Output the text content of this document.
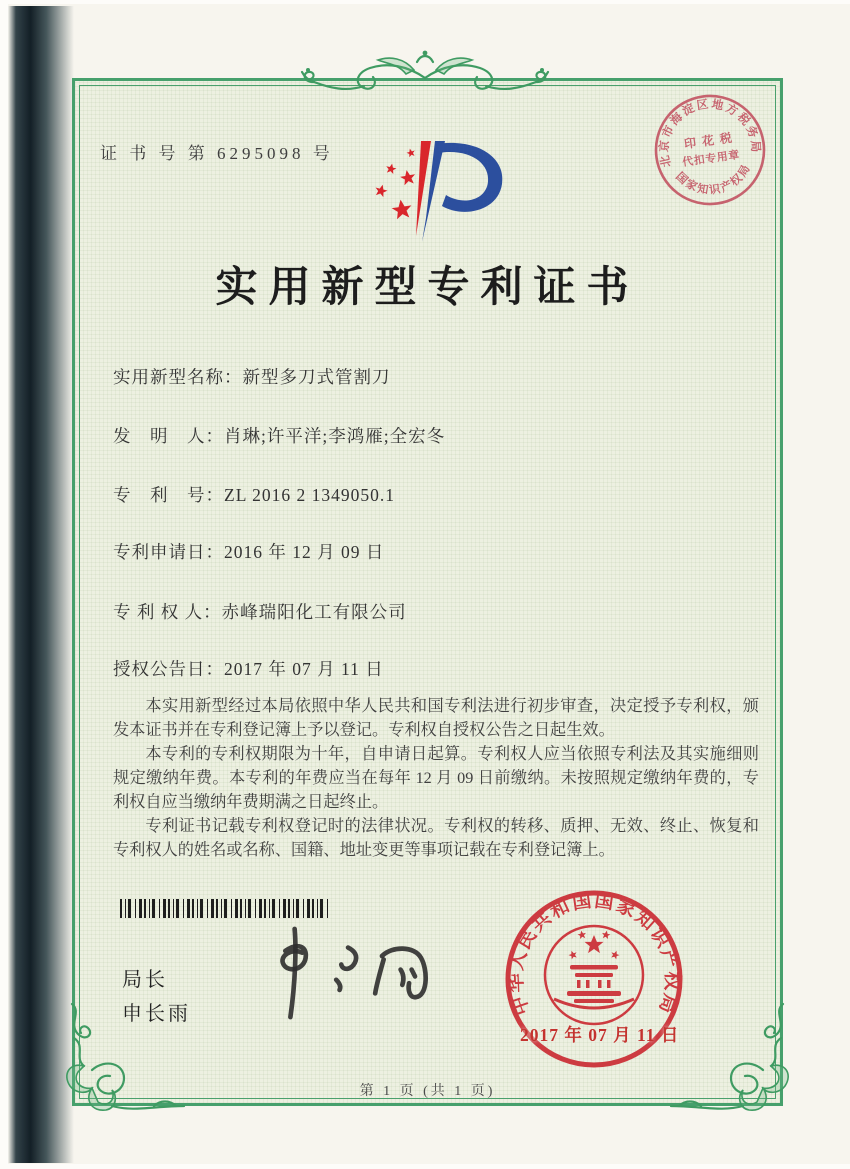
证 书 号 第 6295098 号	北京市海淀区地方税务局
国家知识产权局
印 花 税
代扣专用章
实用新型专利证书
实用新型名称：新型多刀式管割刀
发　明　人：肖琳;许平洋;李鸿雁;全宏冬
专　利　号：ZL 2016 2 1349050.1
专利申请日：2016 年 12 月 09 日
专 利 权 人：赤峰瑞阳化工有限公司
授权公告日：2017 年 07 月 11 日

本实用新型经过本局依照中华人民共和国专利法进行初步审查，决定授予专利权，颁发本证书并在专利登记簿上予以登记。专利权自授权公告之日起生效。

本专利的专利权期限为十年，自申请日起算。专利权人应当依照专利法及其实施细则规定缴纳年费。本专利的年费应当在每年 12 月 09 日前缴纳。未按照规定缴纳年费的，专利权自应当缴纳年费期满之日起终止。

专利证书记载专利权登记时的法律状况。专利权的转移、质押、无效、终止、恢复和专利权人的姓名或名称、国籍、地址变更等事项记载在专利登记簿上。

局长
申长雨	中华人民共和国国家知识产权局
2017 年 07 月 11 日
第 1 页 (共 1 页)
